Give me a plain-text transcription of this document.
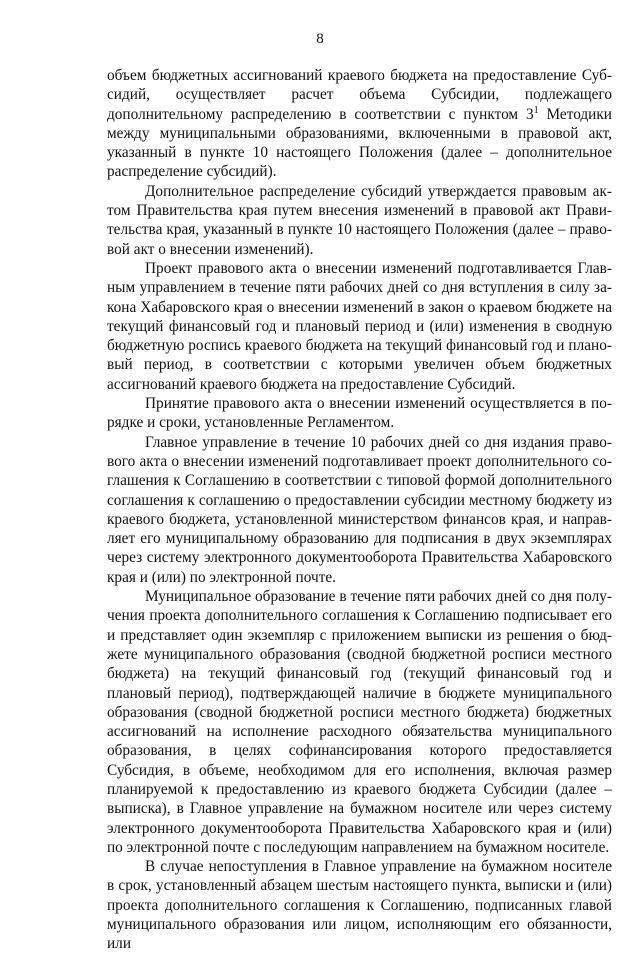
8

объем бюджетных ассигнований краевого бюджета на предоставление Субсидий, осуществляет расчет объема Субсидии, подлежащего дополнительному распределению в соответствии с пунктом $3^1$ Методики между муниципальными образованиями, включенными в правовой акт, указанный в пункте 10 настоящего Положения (далее – дополнительное распределение субсидий).

Дополнительное распределение субсидий утверждается правовым актом Правительства края путем внесения изменений в правовой акт Правительства края, указанный в пункте 10 настоящего Положения (далее – правовой акт о внесении изменений).

Проект правового акта о внесении изменений подготавливается Главным управлением в течение пяти рабочих дней со дня вступления в силу закона Хабаровского края о внесении изменений в закон о краевом бюджете на текущий финансовый год и плановый период и (или) изменения в сводную бюджетную роспись краевого бюджета на текущий финансовый год и плановый период, в соответствии с которыми увеличен объем бюджетных ассигнований краевого бюджета на предоставление Субсидий.

Принятие правового акта о внесении изменений осуществляется в порядке и сроки, установленные Регламентом.

Главное управление в течение 10 рабочих дней со дня издания правового акта о внесении изменений подготавливает проект дополнительного соглашения к Соглашению в соответствии с типовой формой дополнительного соглашения к соглашению о предоставлении субсидии местному бюджету из краевого бюджета, установленной министерством финансов края, и направляет его муниципальному образованию для подписания в двух экземплярах через систему электронного документооборота Правительства Хабаровского края и (или) по электронной почте.

Муниципальное образование в течение пяти рабочих дней со дня получения проекта дополнительного соглашения к Соглашению подписывает его и представляет один экземпляр с приложением выписки из решения о бюджете муниципального образования (сводной бюджетной росписи местного бюджета) на текущий финансовый год (текущий финансовый год и плановый период), подтверждающей наличие в бюджете муниципального образования (сводной бюджетной росписи местного бюджета) бюджетных ассигнований на исполнение расходного обязательства муниципального образования, в целях софинансирования которого предоставляется Субсидия, в объеме, необходимом для его исполнения, включая размер планируемой к предоставлению из краевого бюджета Субсидии (далее – выписка), в Главное управление на бумажном носителе или через систему электронного документооборота Правительства Хабаровского края и (или) по электронной почте с последующим направлением на бумажном носителе.

В случае непоступления в Главное управление на бумажном носителе в срок, установленный абзацем шестым настоящего пункта, выписки и (или) проекта дополнительного соглашения к Соглашению, подписанных главой муниципального образования или лицом, исполняющим его обязанности, или
